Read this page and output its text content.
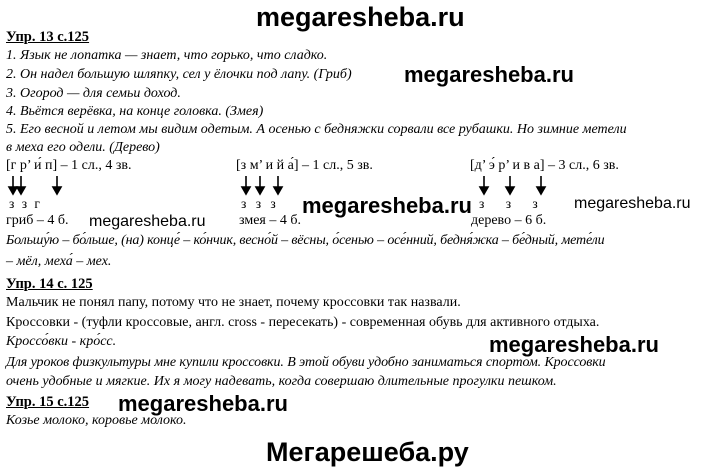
megaresheba.ru
megaresheba.ru
megaresheba.ru
megaresheba.ru	megaresheba.ru
megaresheba.ru
megaresheba.ru
Мегарешеба.ру
Упр. 13 с.125
1. Язык не лопатка — знает, что горько, что сладко.
2. Он надел большую шляпку, сел у ёлочки под лапу. (Гриб)
3. Огород — для семьи доход.
4. Вьётся верёвка, на конце головка. (Змея)
5. Его весной и летом мы видим одетым. А осенью с бедняжки сорвали все рубашки. Но зимние метели
в меха его одели. (Дерево)
[г р’ и́ п] – 1 сл., 4 зв.	[з м’ и й а́] – 1 сл., 5 зв.	[д’ э́ р’ и в а] – 3 сл., 6 зв.
з з г	з з з	з з з
гриб – 4 б.	змея – 4 б.	дерево – 6 б.
Большу́ю – бо́льше, (на) конце́ – ко́нчик, весно́й – вёсны, о́сенью – осе́нний, бедня́жка – бе́дный, мете́ли
– мёл, меха́ – мех.
Упр. 14 с. 125
Мальчик не понял папу, потому что не знает, почему кроссовки так назвали.
Кроссовки - (туфли кроссовые, англ. cross - пересекать) - современная обувь для активного отдыха.
Кроссо́вки - кро́сс.
Для уроков физкультуры мне купили кроссовки. В этой обуви удобно заниматься спортом. Кроссовки
очень удобные и мягкие. Их я могу надевать, когда совершаю длительные прогулки пешком.
Упр. 15 с.125
Козье молоко, коровье молоко.
